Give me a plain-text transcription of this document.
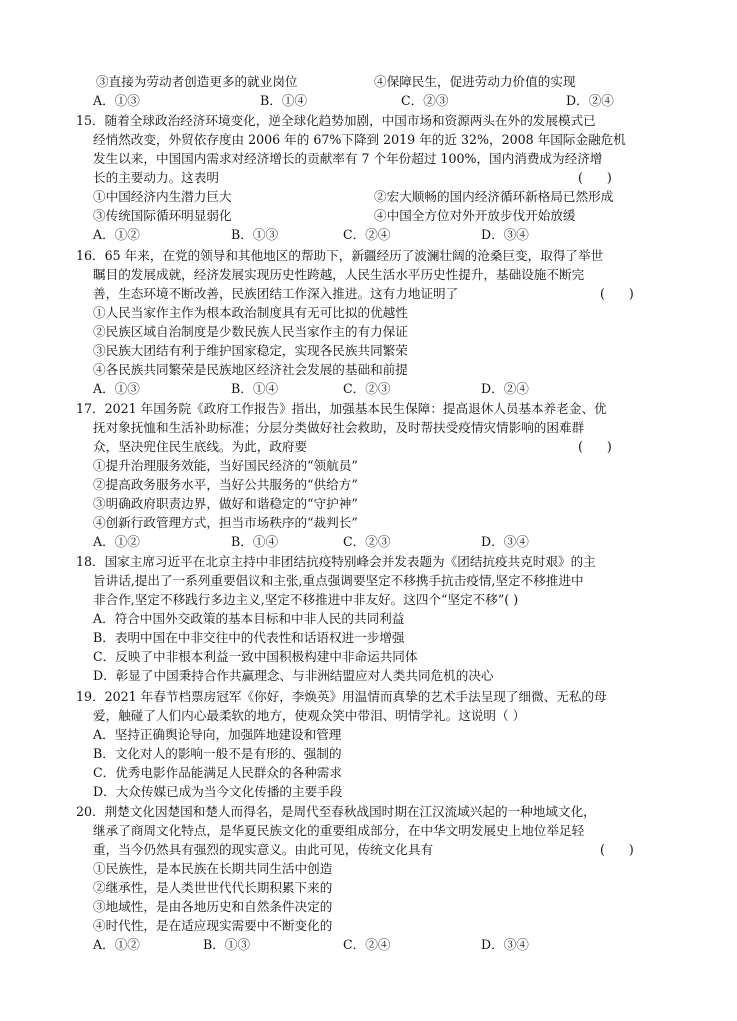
③直接为劳动者创造更多的就业岗位	④保障民生，促进劳动力价值的实现
A．①③	B．①④	C．②③	D．②④
15．随着全球政治经济环境变化，逆全球化趋势加剧，中国市场和资源两头在外的发展模式已
经悄然改变，外贸依存度由 2006 年的 67%下降到 2019 年的近 32%，2008 年国际金融危机
发生以来，中国国内需求对经济增长的贡献率有 7 个年份超过 100%，国内消费成为经济增
长的主要动力。这表明	(      )
①中国经济内生潜力巨大	②宏大顺畅的国内经济循环新格局已然形成
③传统国际循环明显弱化	④中国全方位对外开放步伐开始放缓
A．①②	B．①③	C．②④	D．③④
16．65 年来，在党的领导和其他地区的帮助下，新疆经历了波澜壮阔的沧桑巨变，取得了举世
瞩目的发展成就，经济发展实现历史性跨越，人民生活水平历史性提升，基础设施不断完
善，生态环境不断改善，民族团结工作深入推进。这有力地证明了	(      )
①人民当家作主作为根本政治制度具有无可比拟的优越性
②民族区域自治制度是少数民族人民当家作主的有力保证
③民族大团结有利于维护国家稳定，实现各民族共同繁荣
④各民族共同繁荣是民族地区经济社会发展的基础和前提
A．①③	B．①④	C．②③	D．②④
17．2021 年国务院《政府工作报告》指出，加强基本民生保障：提高退休人员基本养老金、优
抚对象抚恤和生活补助标准；分层分类做好社会救助，及时帮扶受疫情灾情影响的困难群
众，坚决兜住民生底线。为此，政府要	(      )
①提升治理服务效能，当好国民经济的“领航员”
②提高政务服务水平，当好公共服务的“供给方”
③明确政府职责边界，做好和谐稳定的“守护神”
④创新行政管理方式，担当市场秩序的“裁判长”
A．①②	B．①④	C．②③	D．③④
18．国家主席习近平在北京主持中非团结抗疫特别峰会并发表题为《团结抗疫共克时艰》的主
旨讲话,提出了一系列重要倡议和主张,重点强调要坚定不移携手抗击疫情,坚定不移推进中
非合作,坚定不移践行多边主义,坚定不移推进中非友好。这四个“坚定不移”( )
A．符合中国外交政策的基本目标和中非人民的共同利益
B．表明中国在中非交往中的代表性和话语权进一步增强
C．反映了中非根本利益一致中国积极构建中非命运共同体
D．彰显了中国秉持合作共赢理念、与非洲结盟应对人类共同危机的决心
19．2021 年春节档票房冠军《你好，李焕英》用温情而真挚的艺术手法呈现了细微、无私的母
爱，触碰了人们内心最柔软的地方，使观众笑中带泪、明情学礼。这说明（ ）
A．坚持正确舆论导向，加强阵地建设和管理
B．文化对人的影响一般不是有形的、强制的
C．优秀电影作品能满足人民群众的各种需求
D．大众传媒已成为当今文化传播的主要手段
20．荆楚文化因楚国和楚人而得名，是周代至春秋战国时期在江汉流域兴起的一种地域文化，
继承了商周文化特点，是华夏民族文化的重要组成部分，在中华文明发展史上地位举足轻
重，当今仍然具有强烈的现实意义。由此可见，传统文化具有	(      )
①民族性，是本民族在长期共同生活中创造
②继承性，是人类世世代代长期积累下来的
③地域性，是由各地历史和自然条件决定的
④时代性，是在适应现实需要中不断变化的
A．①②	B．①③	C．②④	D．③④
